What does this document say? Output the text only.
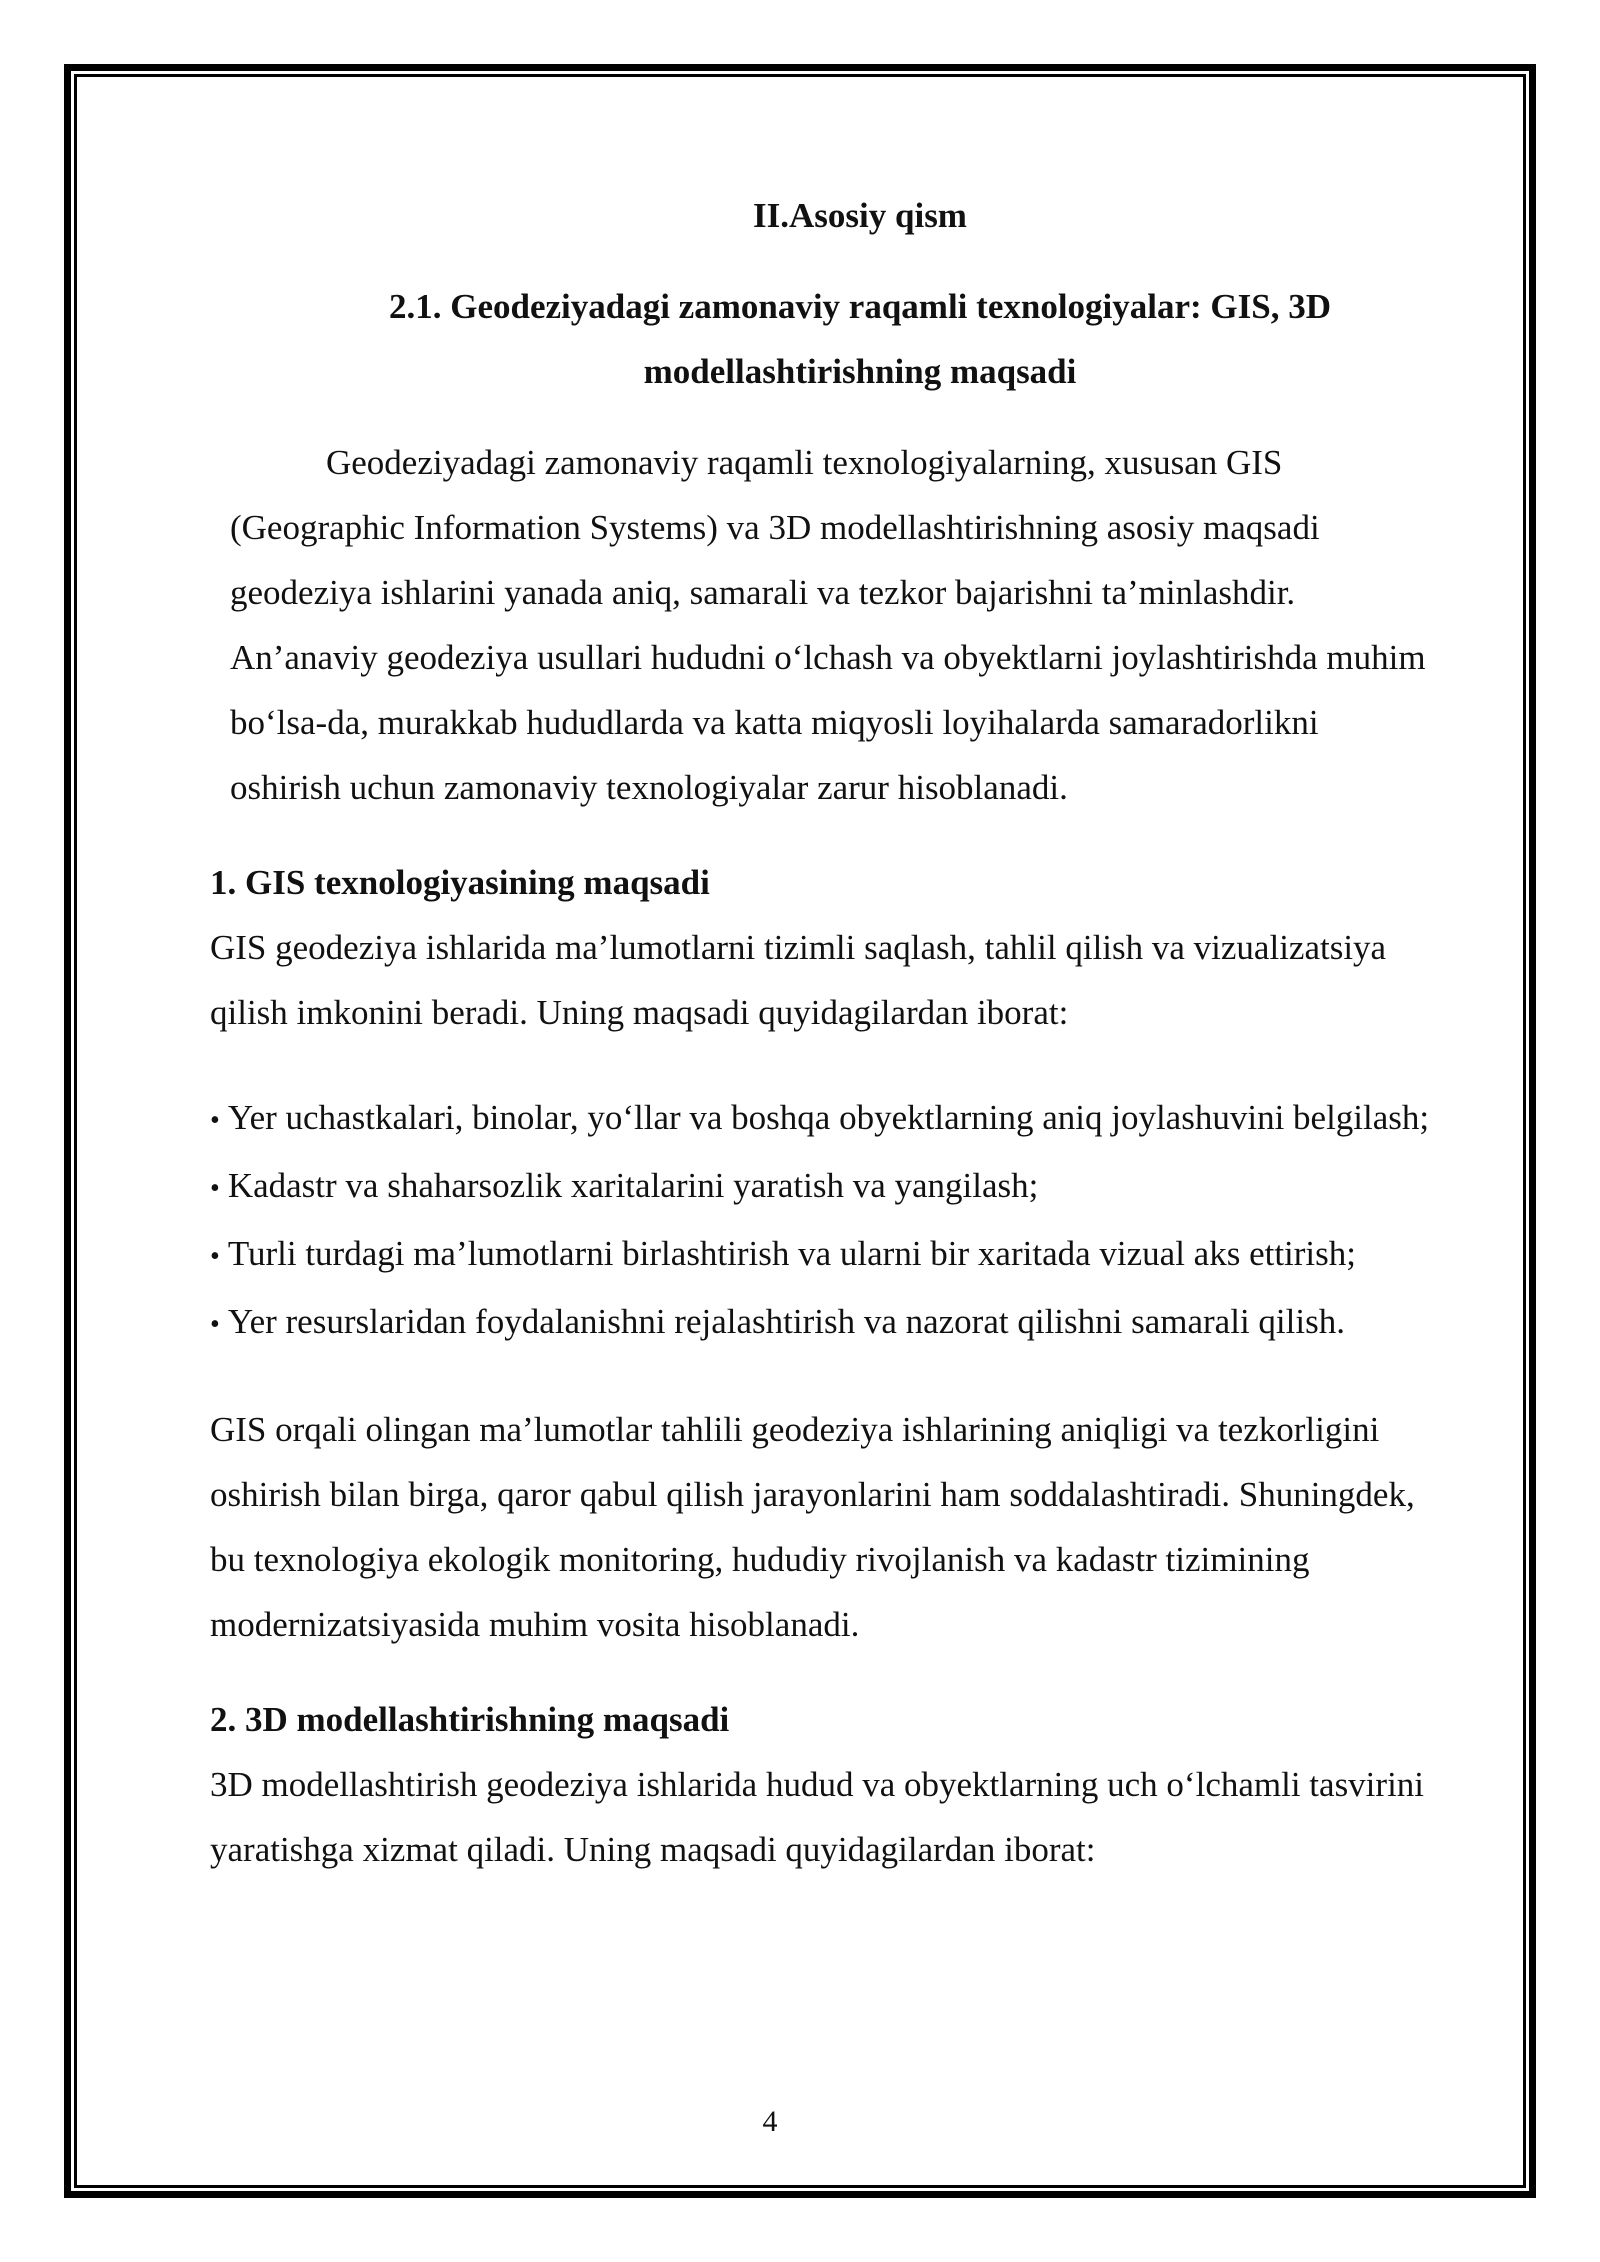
II.Asosiy qism
2.1. Geodeziyadagi zamonaviy raqamli texnologiyalar: GIS, 3D
modellashtirishning maqsadi

Geodeziyadagi zamonaviy raqamli texnologiyalarning, xususan GIS (Geographic Information Systems) va 3D modellashtirishning asosiy maqsadi geodeziya ishlarini yanada aniq, samarali va tezkor bajarishni ta’minlashdir. An’anaviy geodeziya usullari hududni o‘lchash va obyektlarni joylashtirishda muhim bo‘lsa-da, murakkab hududlarda va katta miqyosli loyihalarda samaradorlikni oshirish uchun zamonaviy texnologiyalar zarur hisoblanadi.

1. GIS texnologiyasining maqsadi

GIS geodeziya ishlarida ma’lumotlarni tizimli saqlash, tahlil qilish va vizualizatsiya qilish imkonini beradi. Uning maqsadi quyidagilardan iborat:

• Yer uchastkalari, binolar, yo‘llar va boshqa obyektlarning aniq joylashuvini belgilash;
• Kadastr va shaharsozlik xaritalarini yaratish va yangilash;
• Turli turdagi ma’lumotlarni birlashtirish va ularni bir xaritada vizual aks ettirish;
• Yer resurslaridan foydalanishni rejalashtirish va nazorat qilishni samarali qilish.

GIS orqali olingan ma’lumotlar tahlili geodeziya ishlarining aniqligi va tezkorligini oshirish bilan birga, qaror qabul qilish jarayonlarini ham soddalashtiradi. Shuningdek, bu texnologiya ekologik monitoring, hududiy rivojlanish va kadastr tizimining modernizatsiyasida muhim vosita hisoblanadi.

2. 3D modellashtirishning maqsadi

3D modellashtirish geodeziya ishlarida hudud va obyektlarning uch o‘lchamli tasvirini yaratishga xizmat qiladi. Uning maqsadi quyidagilardan iborat:

4
